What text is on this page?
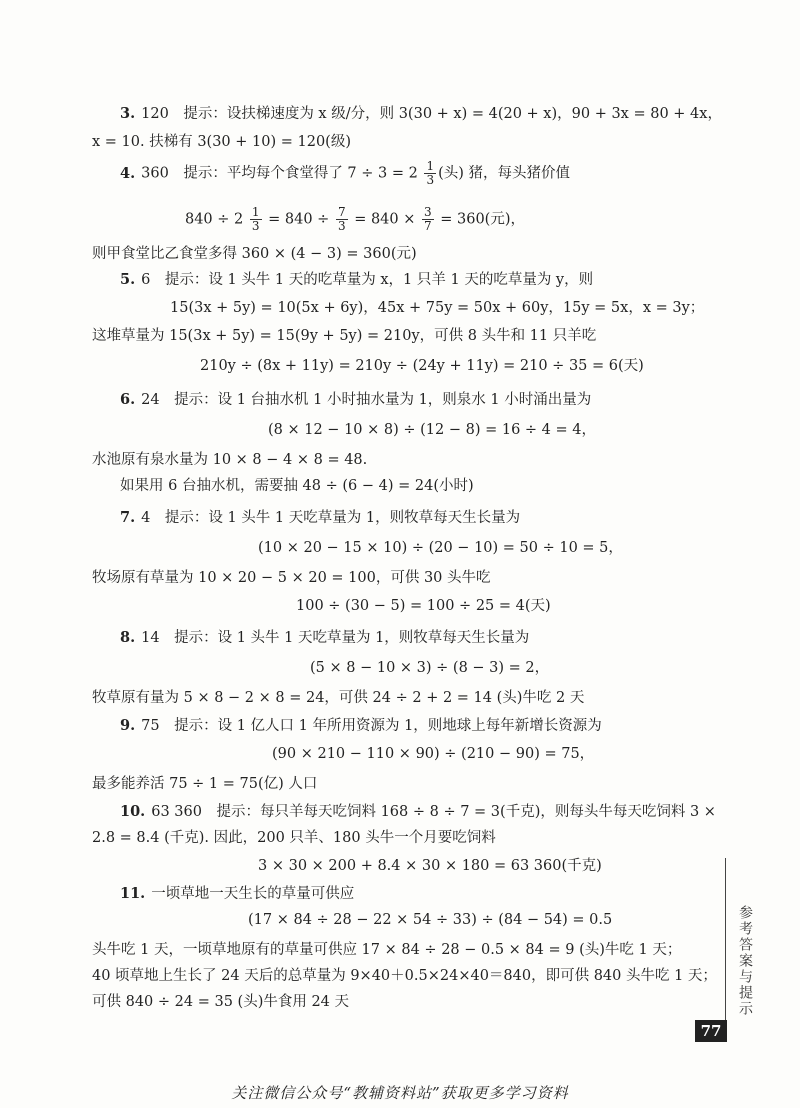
3. 120　提示：设扶梯速度为 x 级/分，则 3(30 + x) = 4(20 + x)，90 + 3x = 80 + 4x，
x = 10. 扶梯有 3(30 + 10) = 120(级)
4. 360　提示：平均每个食堂得了 $7 \div 3 = 2 \frac{1}{3}$ (头) 猪，每头猪价值
$840 \div 2 \frac{1}{3} = 840 \div \frac{7}{3} = 840 \times \frac{3}{7} = 360$(元)，
则甲食堂比乙食堂多得 360 × (4 − 3) = 360(元)
5. 6　提示：设 1 头牛 1 天的吃草量为 x，1 只羊 1 天的吃草量为 y，则
15(3x + 5y) = 10(5x + 6y)，45x + 75y = 50x + 60y，15y = 5x，x = 3y；
这堆草量为 15(3x + 5y) = 15(9y + 5y) = 210y，可供 8 头牛和 11 只羊吃
210y ÷ (8x + 11y) = 210y ÷ (24y + 11y) = 210 ÷ 35 = 6(天)
6. 24　提示：设 1 台抽水机 1 小时抽水量为 1，则泉水 1 小时涌出量为
(8 × 12 − 10 × 8) ÷ (12 − 8) = 16 ÷ 4 = 4，
水池原有泉水量为 10 × 8 − 4 × 8 = 48.
如果用 6 台抽水机，需要抽 48 ÷ (6 − 4) = 24(小时)
7. 4　提示：设 1 头牛 1 天吃草量为 1，则牧草每天生长量为
(10 × 20 − 15 × 10) ÷ (20 − 10) = 50 ÷ 10 = 5，
牧场原有草量为 10 × 20 − 5 × 20 = 100，可供 30 头牛吃
100 ÷ (30 − 5) = 100 ÷ 25 = 4(天)
8. 14　提示：设 1 头牛 1 天吃草量为 1，则牧草每天生长量为
(5 × 8 − 10 × 3) ÷ (8 − 3) = 2，
牧草原有量为 5 × 8 − 2 × 8 = 24，可供 24 ÷ 2 + 2 = 14 (头)牛吃 2 天
9. 75　提示：设 1 亿人口 1 年所用资源为 1，则地球上每年新增长资源为
(90 × 210 − 110 × 90) ÷ (210 − 90) = 75，
最多能养活 75 ÷ 1 = 75(亿) 人口
10. 63 360　提示：每只羊每天吃饲料 168 ÷ 8 ÷ 7 = 3(千克)，则每头牛每天吃饲料 3 ×
2.8 = 8.4 (千克). 因此，200 只羊、180 头牛一个月要吃饲料
3 × 30 × 200 + 8.4 × 30 × 180 = 63 360(千克)
11. 一顷草地一天生长的草量可供应
(17 × 84 ÷ 28 − 22 × 54 ÷ 33) ÷ (84 − 54) = 0.5
头牛吃 1 天，一顷草地原有的草量可供应 17 × 84 ÷ 28 − 0.5 × 84 = 9 (头)牛吃 1 天；
40 顷草地上生长了 24 天后的总草量为 9×40＋0.5×24×40＝840，即可供 840 头牛吃 1 天；
可供 840 ÷ 24 = 35 (头)牛食用 24 天	参考答案与提示
77
关注微信公众号“教辅资料站”获取更多学习资料
